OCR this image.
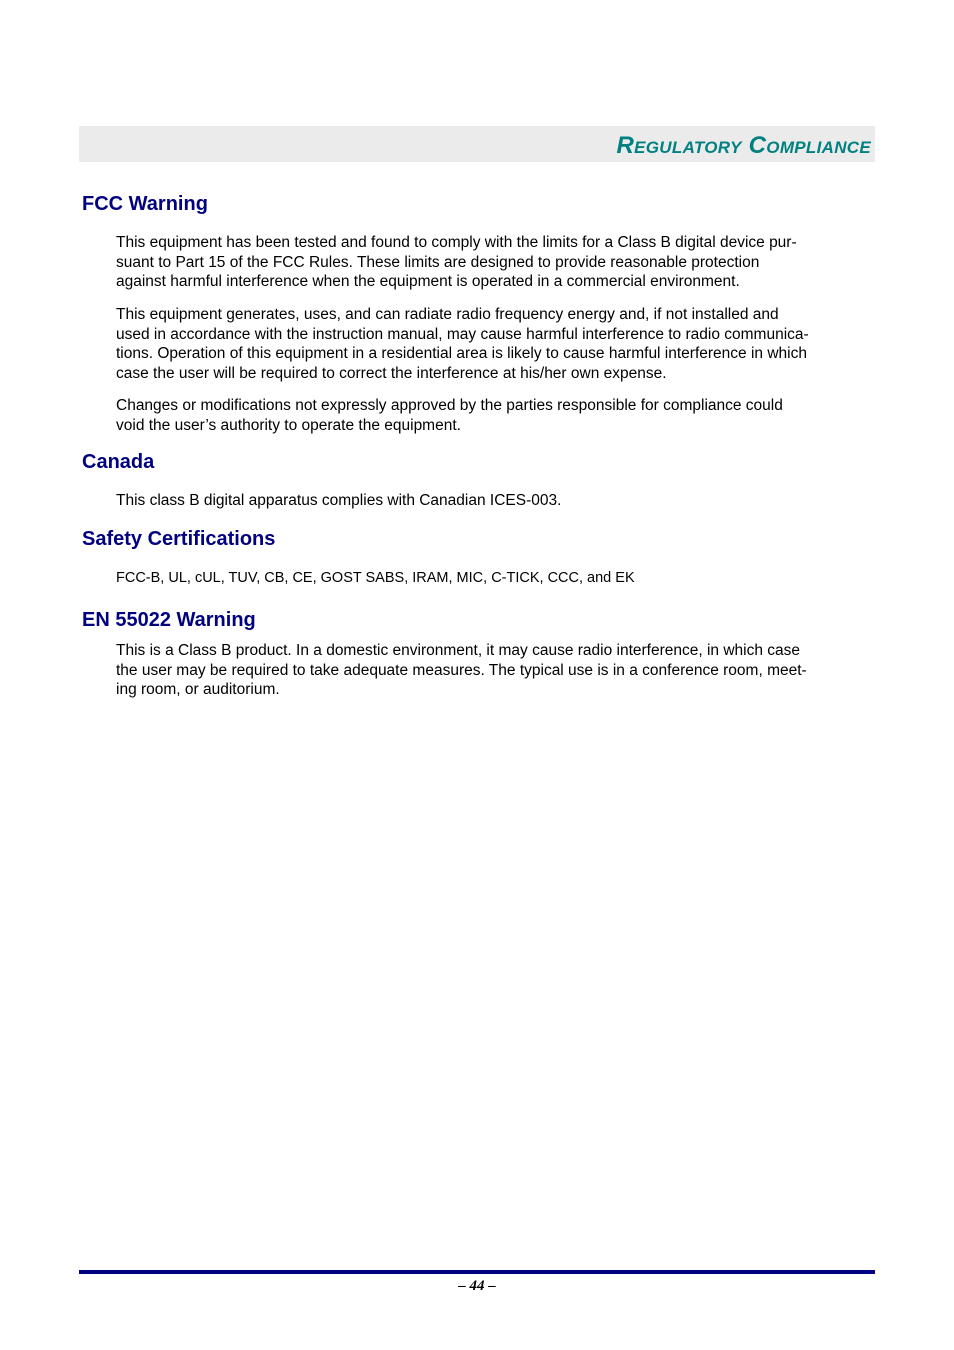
Regulatory Compliance
FCC Warning

This equipment has been tested and found to comply with the limits for a Class B digital device pur-
suant to Part 15 of the FCC Rules. These limits are designed to provide reasonable protection
against harmful interference when the equipment is operated in a commercial environment.

This equipment generates, uses, and can radiate radio frequency energy and, if not installed and
used in accordance with the instruction manual, may cause harmful interference to radio communica-
tions. Operation of this equipment in a residential area is likely to cause harmful interference in which
case the user will be required to correct the interference at his/her own expense.

Changes or modifications not expressly approved by the parties responsible for compliance could
void the user’s authority to operate the equipment.

Canada

This class B digital apparatus complies with Canadian ICES-003.

Safety Certifications

FCC-B, UL, cUL, TUV, CB, CE, GOST SABS, IRAM, MIC, C-TICK, CCC, and EK

EN 55022 Warning

This is a Class B product. In a domestic environment, it may cause radio interference, in which case
the user may be required to take adequate measures. The typical use is in a conference room, meet-
ing room, or auditorium.

– 44 –
